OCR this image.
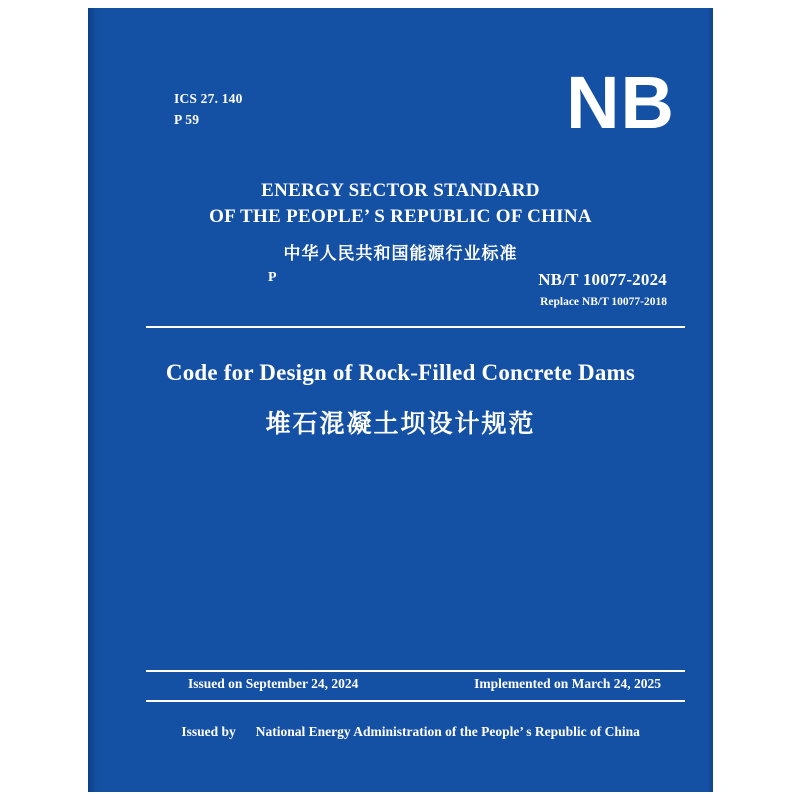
ICS 27. 140
P 59	NB
ENERGY SECTOR STANDARD
OF THE PEOPLE’ S REPUBLIC OF CHINA
中华人民共和国能源行业标准
P	NB/T 10077-2024
Replace NB/T 10077-2018
Code for Design of Rock-Filled Concrete Dams
堆石混凝土坝设计规范
Issued on September 24, 2024	Implemented on March 24, 2025

Issued by National Energy Administration of the People’ s Republic of China
